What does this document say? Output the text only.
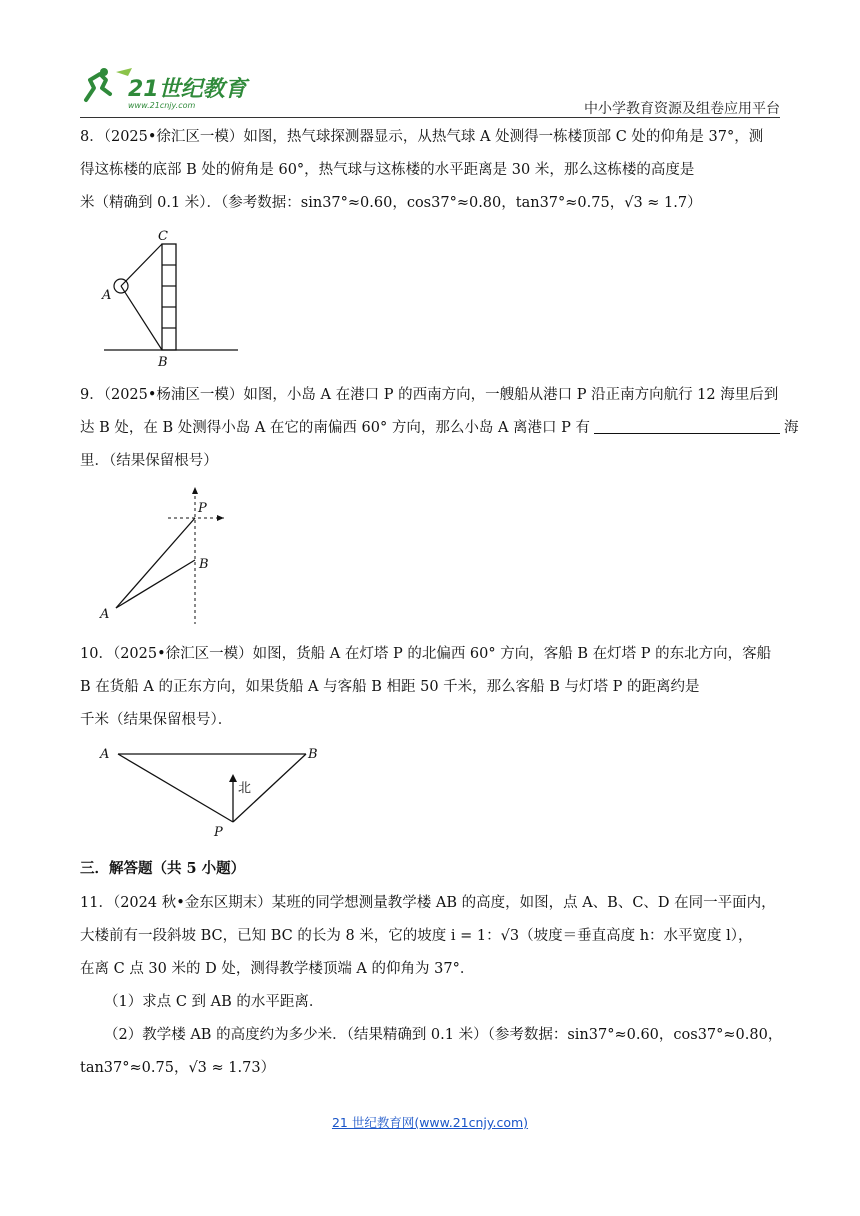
21世纪教育
www.21cnjy.com	中小学教育资源及组卷应用平台
8．（2025•徐汇区一模）如图，热气球探测器显示，从热气球 A 处测得一栋楼顶部 C 处的仰角是 37°，测
得这栋楼的底部 B 处的俯角是 60°，热气球与这栋楼的水平距离是 30 米，那么这栋楼的高度是
米（精确到 0.1 米）．（参考数据：sin37°≈0.60，cos37°≈0.80，tan37°≈0.75，√3 ≈ 1.7）
C
A
B
9．（2025•杨浦区一模）如图，小岛 A 在港口 P 的西南方向，一艘船从港口 P 沿正南方向航行 12 海里后到
达 B 处，在 B 处测得小岛 A 在它的南偏西 60° 方向，那么小岛 A 离港口 P 有	海
里．（结果保留根号）
P
B
A
10．（2025•徐汇区一模）如图，货船 A 在灯塔 P 的北偏西 60° 方向，客船 B 在灯塔 P 的东北方向，客船
B 在货船 A 的正东方向，如果货船 A 与客船 B 相距 50 千米，那么客船 B 与灯塔 P 的距离约是
千米（结果保留根号）．
A	B
P
北
三．解答题（共 5 小题）
11．（2024 秋•金东区期末）某班的同学想测量教学楼 AB 的高度，如图，点 A、B、C、D 在同一平面内，
大楼前有一段斜坡 BC，已知 BC 的长为 8 米，它的坡度 i = 1：√3（坡度＝垂直高度 h：水平宽度 l），
在离 C 点 30 米的 D 处，测得教学楼顶端 A 的仰角为 37°．
（1）求点 C 到 AB 的水平距离．
（2）教学楼 AB 的高度约为多少米．（结果精确到 0.1 米）（参考数据：sin37°≈0.60，cos37°≈0.80，
tan37°≈0.75，√3 ≈ 1.73）
21 世纪教育网(www.21cnjy.com)
